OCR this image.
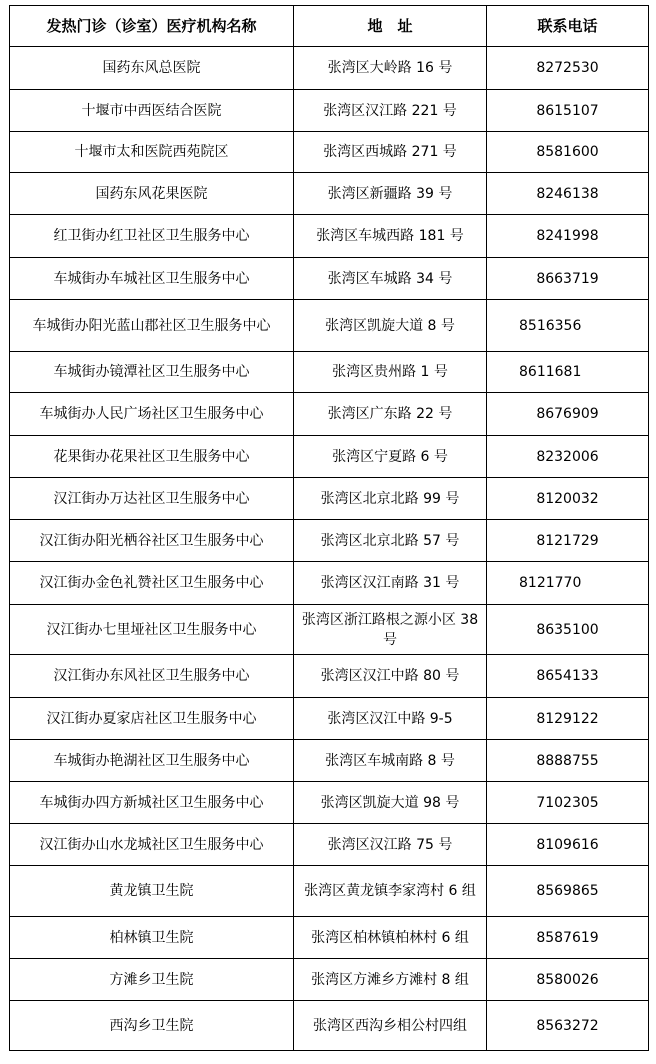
发热门诊（诊室）医疗机构名称	地　址	联系电话
国药东风总医院	张湾区大岭路 16 号	8272530
十堰市中西医结合医院	张湾区汉江路 221 号	8615107
十堰市太和医院西苑院区	张湾区西城路 271 号	8581600
国药东风花果医院	张湾区新疆路 39 号	8246138
红卫街办红卫社区卫生服务中心	张湾区车城西路 181 号	8241998
车城街办车城社区卫生服务中心	张湾区车城路 34 号	8663719
车城街办阳光蓝山郡社区卫生服务中心	张湾区凯旋大道 8 号	8516356
车城街办镜潭社区卫生服务中心	张湾区贵州路 1 号	8611681
车城街办人民广场社区卫生服务中心	张湾区广东路 22 号	8676909
花果街办花果社区卫生服务中心	张湾区宁夏路 6 号	8232006
汉江街办万达社区卫生服务中心	张湾区北京北路 99 号	8120032
汉江街办阳光栖谷社区卫生服务中心	张湾区北京北路 57 号	8121729
汉江街办金色礼赞社区卫生服务中心	张湾区汉江南路 31 号	8121770
汉江街办七里垭社区卫生服务中心	张湾区浙江路根之源小区 38 号	8635100
汉江街办东风社区卫生服务中心	张湾区汉江中路 80 号	8654133
汉江街办夏家店社区卫生服务中心	张湾区汉江中路 9-5	8129122
车城街办艳湖社区卫生服务中心	张湾区车城南路 8 号	8888755
车城街办四方新城社区卫生服务中心	张湾区凯旋大道 98 号	7102305
汉江街办山水龙城社区卫生服务中心	张湾区汉江路 75 号	8109616
黄龙镇卫生院	张湾区黄龙镇李家湾村 6 组	8569865
柏林镇卫生院	张湾区柏林镇柏林村 6 组	8587619
方滩乡卫生院	张湾区方滩乡方滩村 8 组	8580026
西沟乡卫生院	张湾区西沟乡相公村四组	8563272
